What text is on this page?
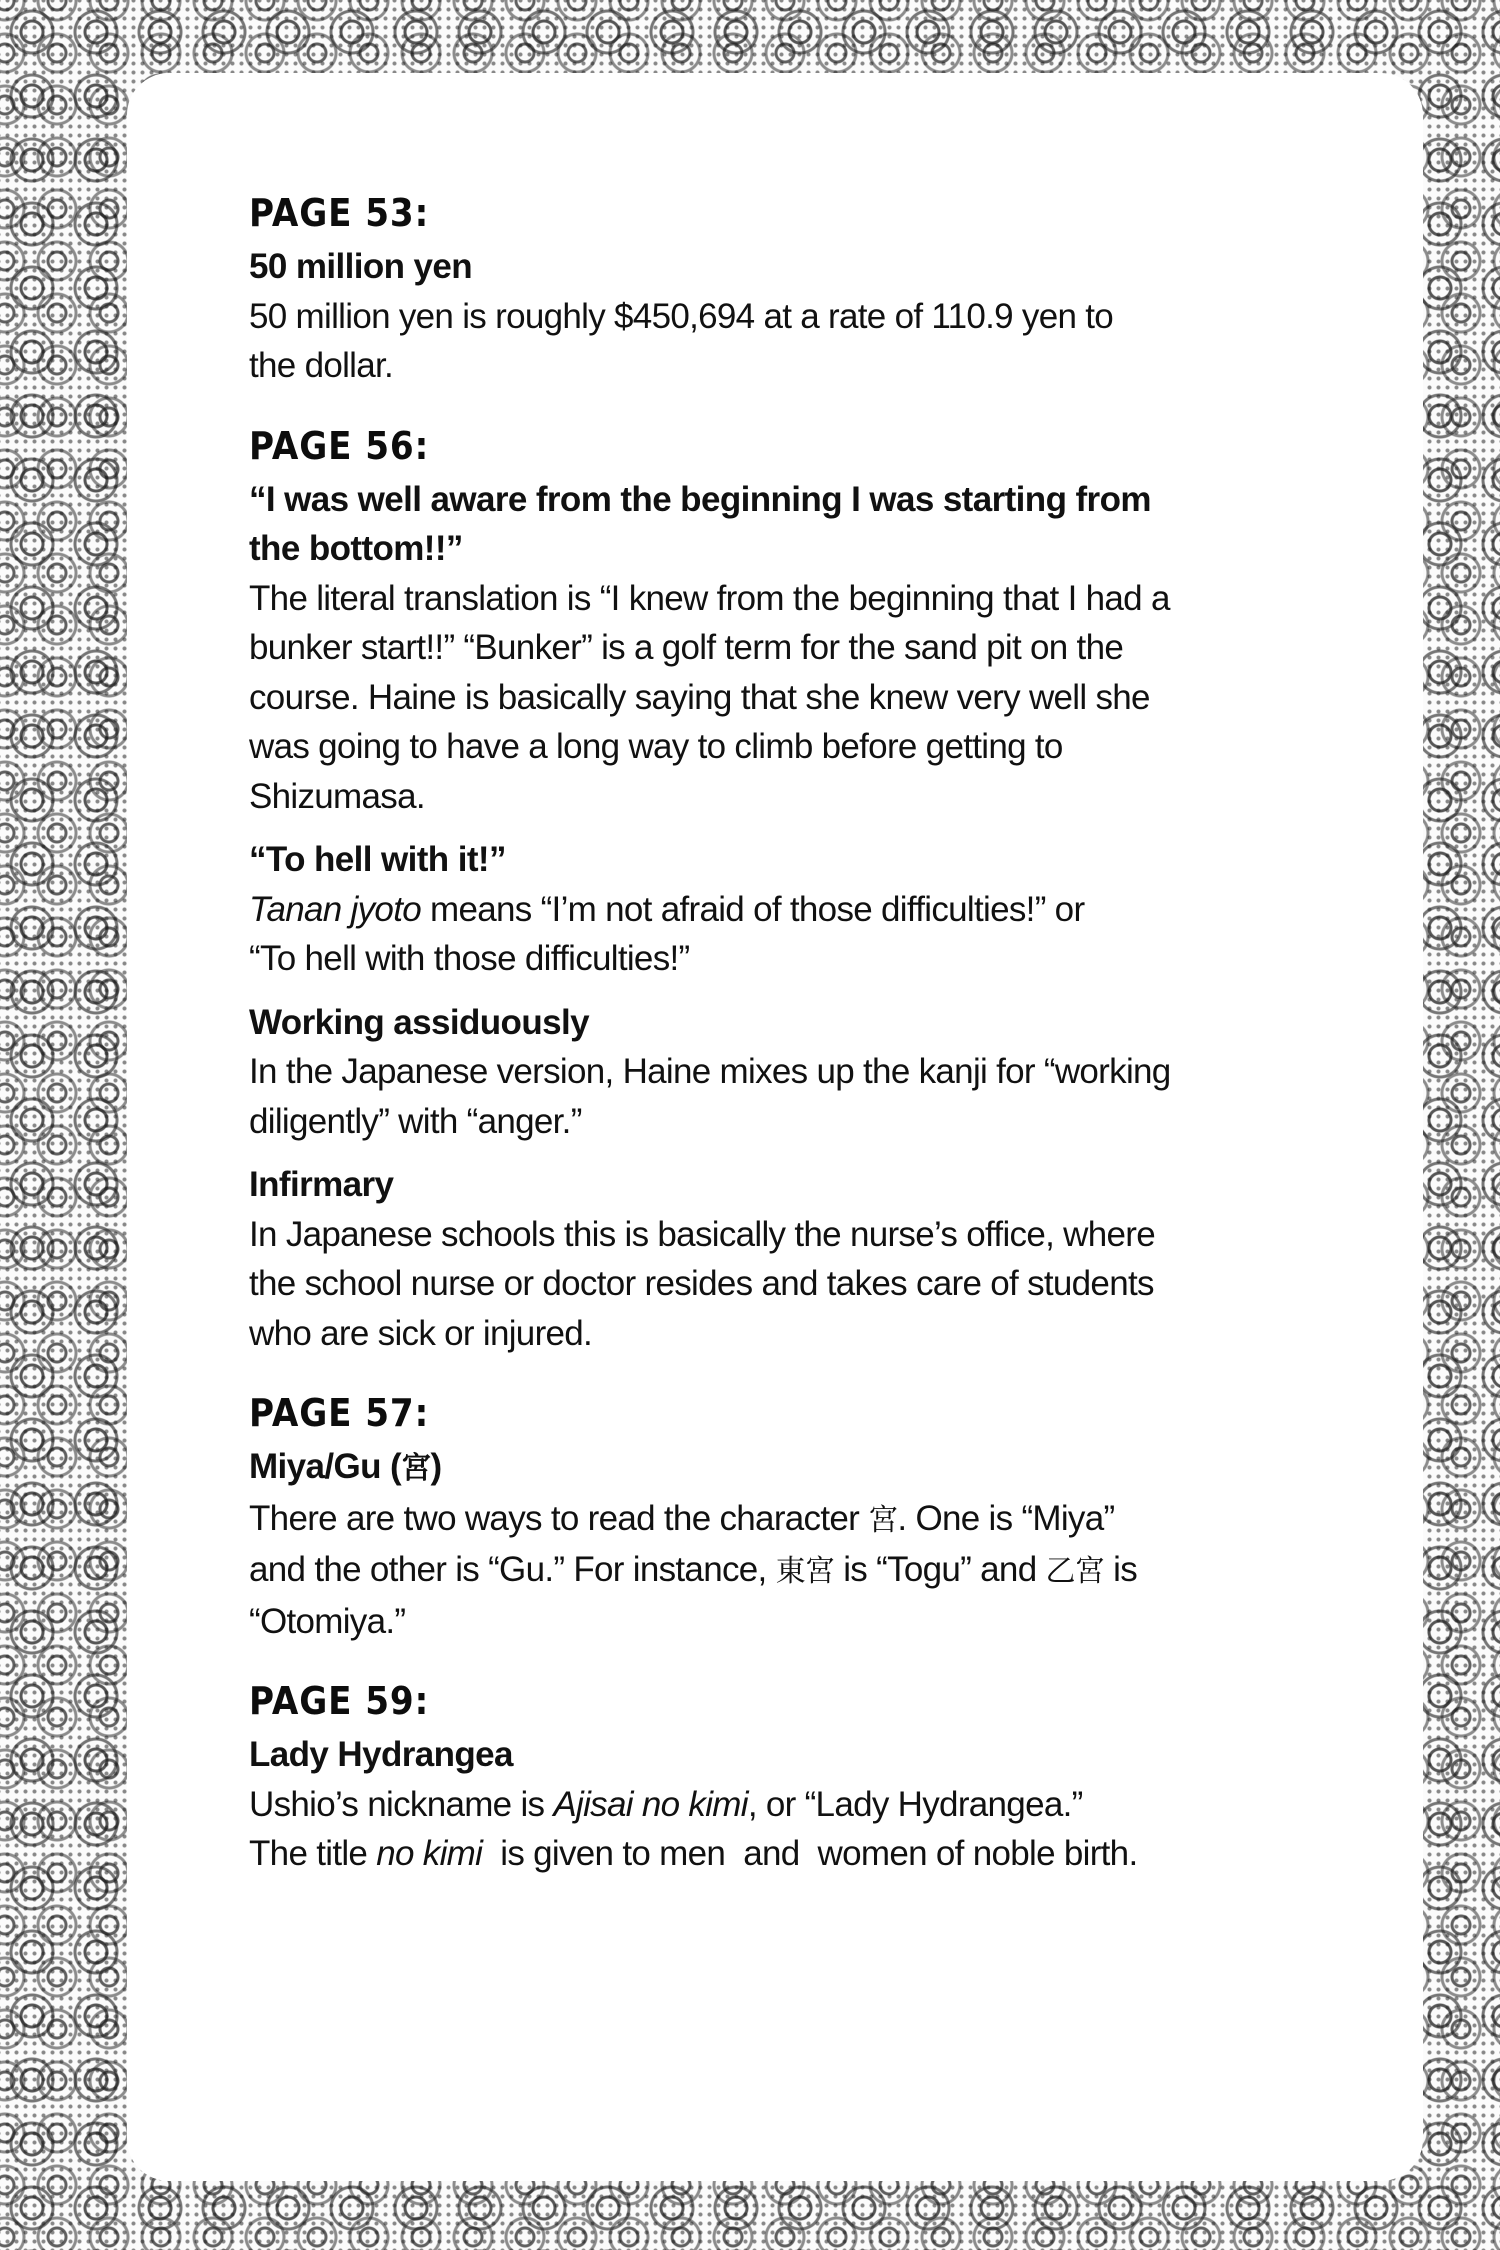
PAGE 53:

50 million yen

50 million yen is roughly $450,694 at a rate of 110.9 yen to

the dollar.

PAGE 56:

“I was well aware from the beginning I was starting from

the bottom!!”

The literal translation is “I knew from the beginning that I had a

bunker start!!” “Bunker” is a golf term for the sand pit on the

course. Haine is basically saying that she knew very well she

was going to have a long way to climb before getting to

Shizumasa.

“To hell with it!”

Tanan jyoto means “I’m not afraid of those difficulties!” or

“To hell with those difficulties!”

Working assiduously

In the Japanese version, Haine mixes up the kanji for “working

diligently” with “anger.”

Infirmary

In Japanese schools this is basically the nurse’s office, where

the school nurse or doctor resides and takes care of students

who are sick or injured.

PAGE 57:

Miya/Gu (宮)

There are two ways to read the character 宮. One is “Miya”

and the other is “Gu.” For instance, 東宮 is “Togu” and 乙宮 is

“Otomiya.”

PAGE 59:

Lady Hydrangea

Ushio’s nickname is Ajisai no kimi, or “Lady Hydrangea.”

The title no kimi  is given to men  and  women of noble birth.
